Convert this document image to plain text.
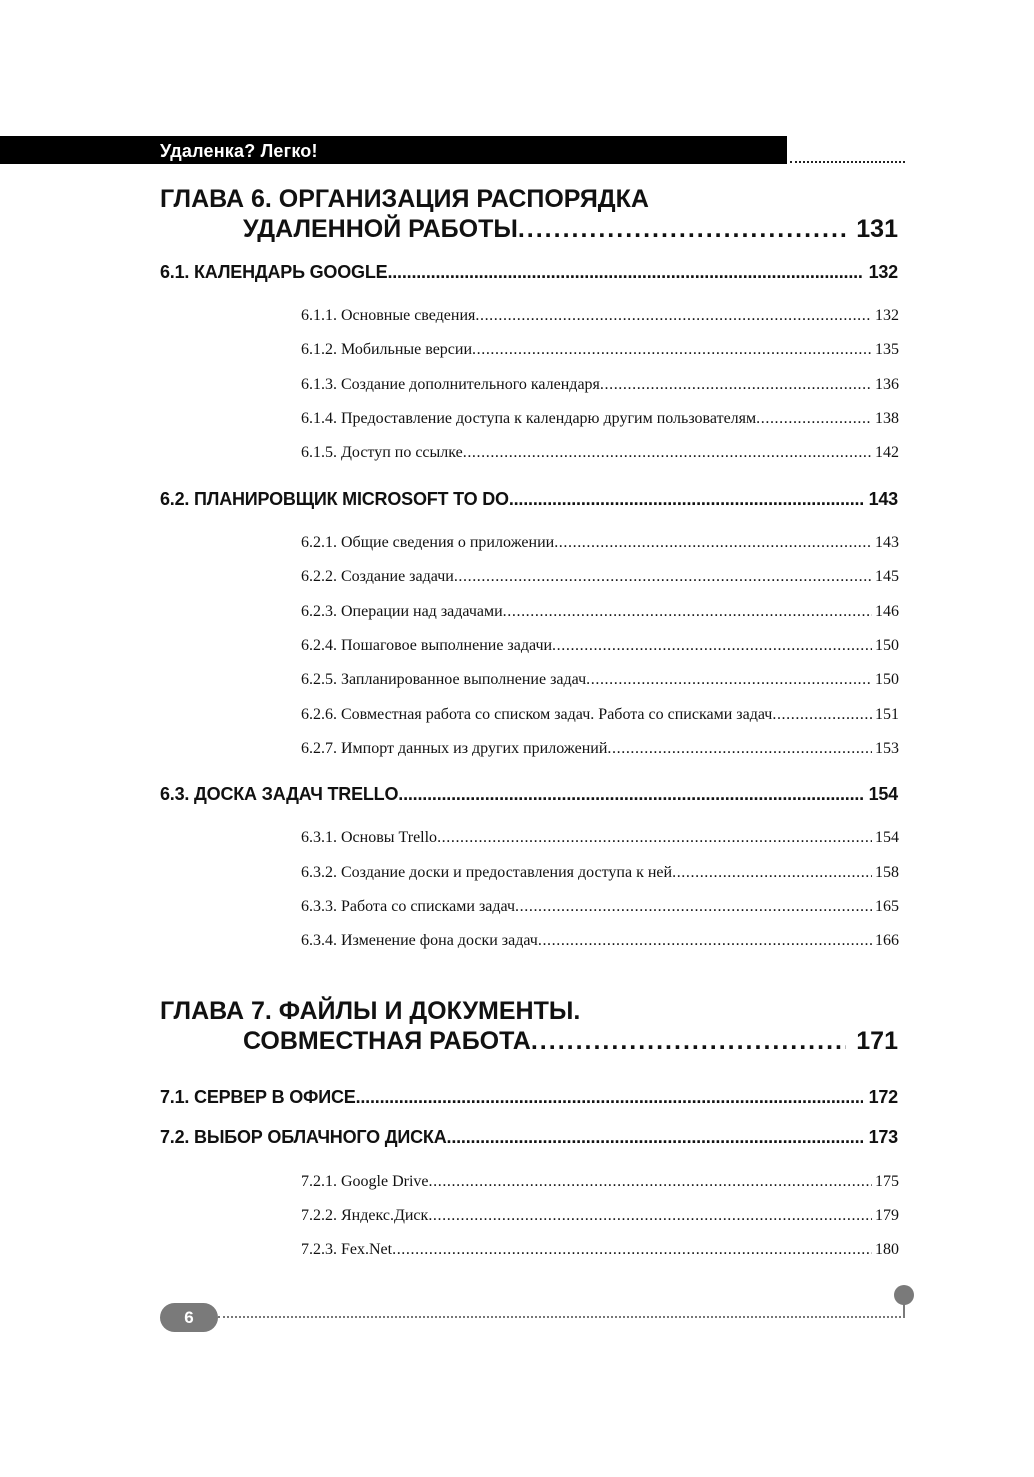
Удаленка? Легко!
ГЛАВА 6. ОРГАНИЗАЦИЯ РАСПОРЯДКА
УДАЛЕННОЙ РАБОТЫ .....	131
6.1. КАЛЕНДАРЬ GOOGLE .....	132
6.1.1. Основные сведения .....	132
6.1.2. Мобильные версии .....	135
6.1.3. Создание дополнительного календаря .....	136
6.1.4. Предоставление доступа к календарю другим пользователям .....	138
6.1.5. Доступ по ссылке .....	142
6.2. ПЛАНИРОВЩИК MICROSOFT TO DO .....	143
6.2.1. Общие сведения о приложении .....	143
6.2.2. Создание задачи .....	145
6.2.3. Операции над задачами .....	146
6.2.4. Пошаговое выполнение задачи .....	150
6.2.5. Запланированное выполнение задач .....	150
6.2.6. Совместная работа со списком задач. Работа со списками задач .....	151
6.2.7. Импорт данных из других приложений .....	153
6.3. ДОСКА ЗАДАЧ TRELLO .....	154
6.3.1. Основы Trello .....	154
6.3.2. Создание доски и предоставления доступа к ней .....	158
6.3.3. Работа со списками задач .....	165
6.3.4. Изменение фона доски задач .....	166
ГЛАВА 7. ФАЙЛЫ И ДОКУМЕНТЫ.
СОВМЕСТНАЯ РАБОТА .....	171
7.1. СЕРВЕР В ОФИСЕ .....	172
7.2. ВЫБОР ОБЛАЧНОГО ДИСКА .....	173
7.2.1. Google Drive .....	175
7.2.2. Яндекс.Диск .....	179
7.2.3. Fex.Net .....	180
6
